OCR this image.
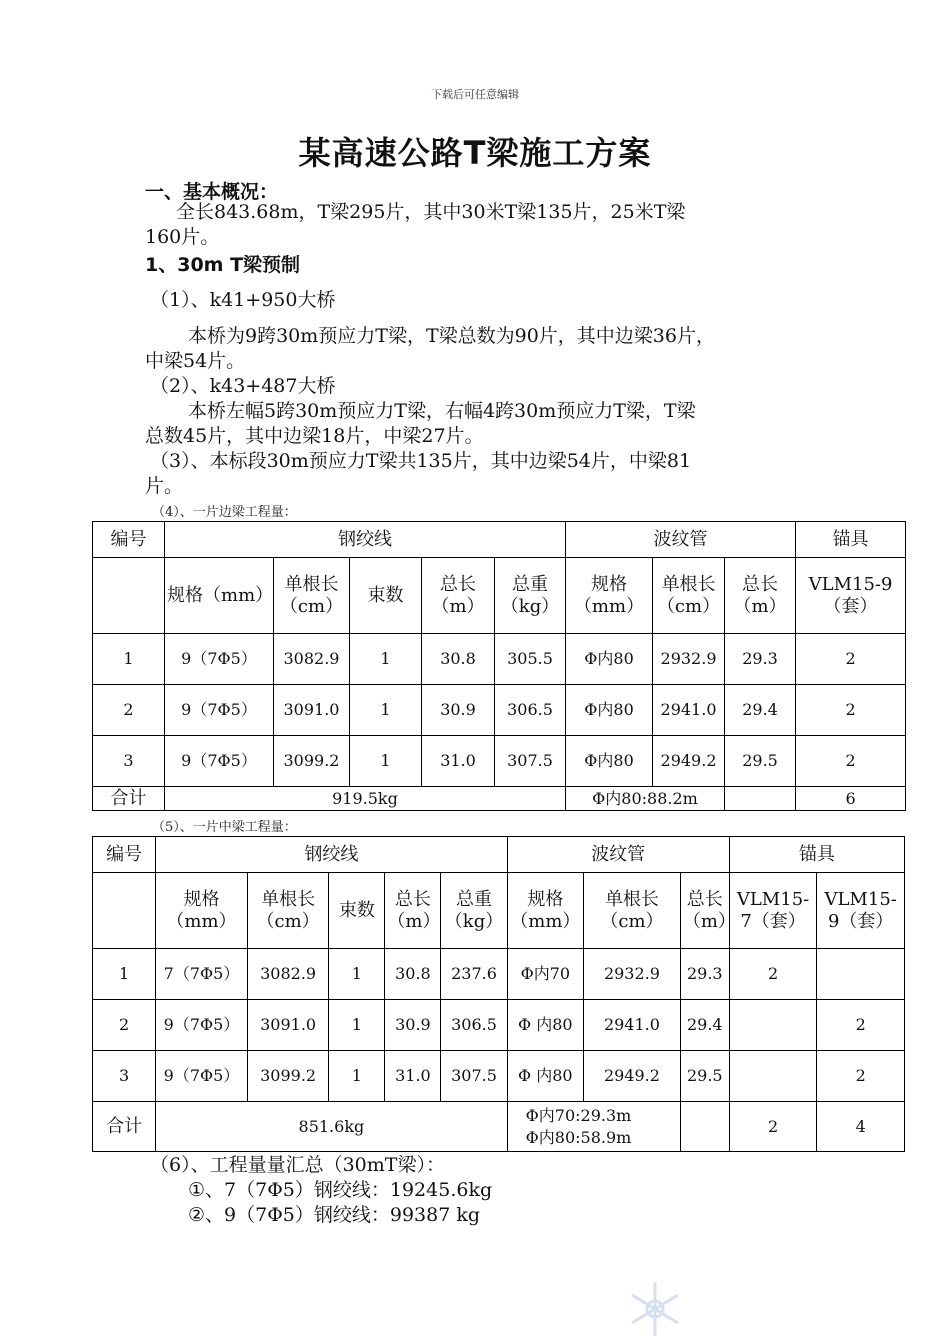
下载后可任意编辑
某高速公路T梁施工方案
一、基本概况：
全长843.68m，T梁295片，其中30米T梁135片，25米T梁
160片。
1、30m T梁预制
（1）、k41+950大桥
本桥为9跨30m预应力T梁，T梁总数为90片，其中边梁36片，
中梁54片。
（2）、k43+487大桥
本桥左幅5跨30m预应力T梁，右幅4跨30m预应力T梁，T梁
总数45片，其中边梁18片，中梁27片。
（3）、本标段30m预应力T梁共135片，其中边梁54片，中梁81
片。
（4）、一片边梁工程量：
编号	钢绞线					波纹管			锚具
	规格（mm）	单根长（cm）	束数	总长（m）	总重（kg）	规格（mm）	单根长（cm）	总长（m）	VLM15-9（套）
1	9（7Φ5）	3082.9	1	30.8	305.5	Φ内80	2932.9	29.3	2
2	9（7Φ5）	3091.0	1	30.9	306.5	Φ内80	2941.0	29.4	2
3	9（7Φ5）	3099.2	1	31.0	307.5	Φ内80	2949.2	29.5	2
合计	919.5kg					Φ内80:88.2m			6
（5）、一片中梁工程量：
编号	钢绞线					波纹管			锚具	
	规格（mm）	单根长（cm）	束数	总长（m）	总重（kg）	规格（mm）	单根长（cm）	总长（m）	VLM15-7（套）	VLM15-9（套）
1	7（7Φ5）	3082.9	1	30.8	237.6	Φ内70	2932.9	29.3	2	
2	9（7Φ5）	3091.0	1	30.9	306.5	Φ 内80	2941.0	29.4		2
3	9（7Φ5）	3099.2	1	31.0	307.5	Φ 内80	2949.2	29.5		2
合计	851.6kg					Φ内70:29.3m
Φ内80:58.9m			2	4
（6）、工程量量汇总（30mT梁）：
①、7（7Φ5）钢绞线：19245.6kg
②、9（7Φ5）钢绞线：99387 kg
